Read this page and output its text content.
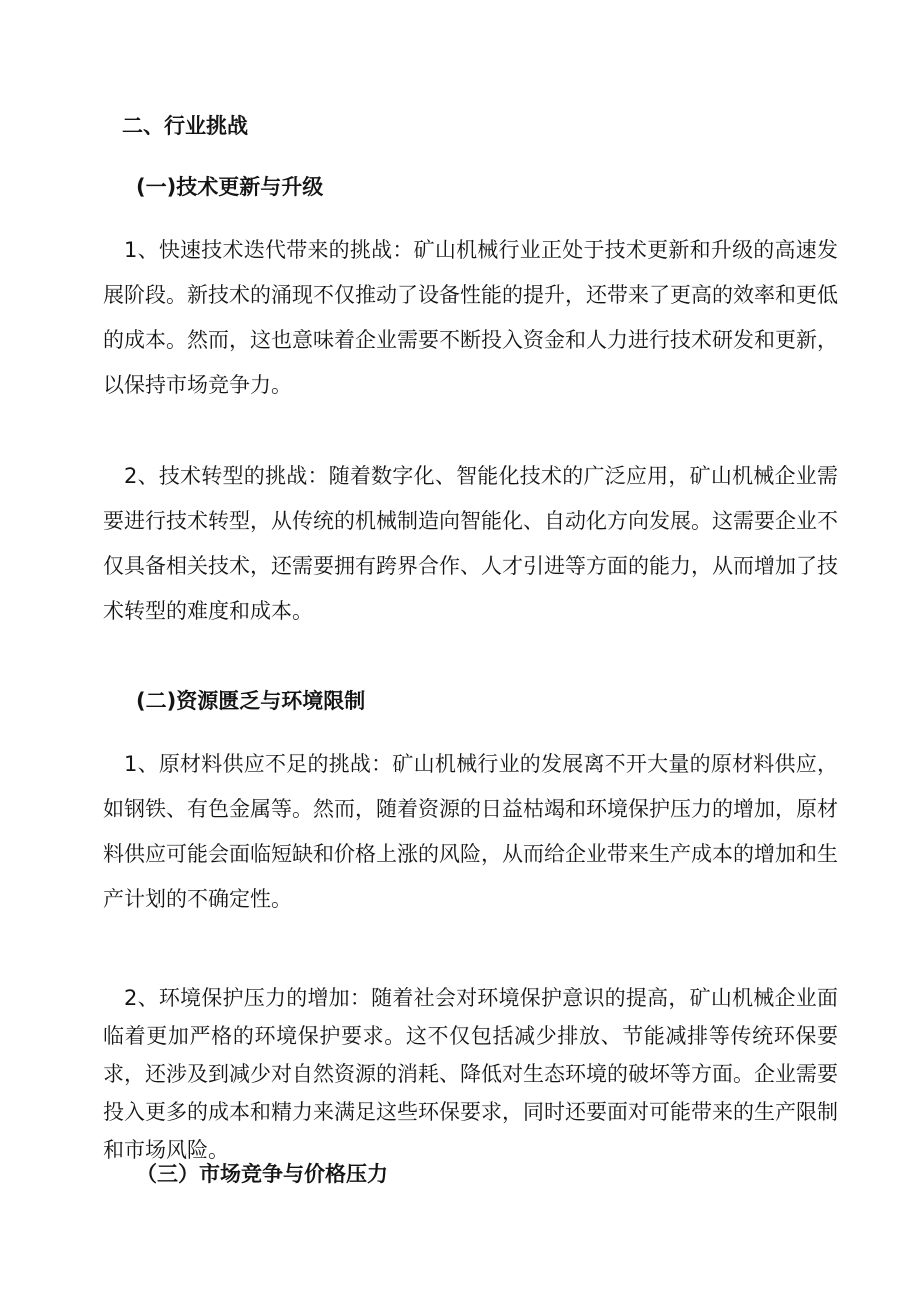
二、行业挑战
(一)技术更新与升级

1、快速技术迭代带来的挑战：矿山机械行业正处于技术更新和升级的高速发展阶段。新技术的涌现不仅推动了设备性能的提升，还带来了更高的效率和更低的成本。然而，这也意味着企业需要不断投入资金和人力进行技术研发和更新，以保持市场竞争力。

2、技术转型的挑战：随着数字化、智能化技术的广泛应用，矿山机械企业需要进行技术转型，从传统的机械制造向智能化、自动化方向发展。这需要企业不仅具备相关技术，还需要拥有跨界合作、人才引进等方面的能力，从而增加了技术转型的难度和成本。

(二)资源匮乏与环境限制

1、原材料供应不足的挑战：矿山机械行业的发展离不开大量的原材料供应，如钢铁、有色金属等。然而，随着资源的日益枯竭和环境保护压力的增加，原材料供应可能会面临短缺和价格上涨的风险，从而给企业带来生产成本的增加和生产计划的不确定性。

2、环境保护压力的增加：随着社会对环境保护意识的提高，矿山机械企业面临着更加严格的环境保护要求。这不仅包括减少排放、节能减排等传统环保要求，还涉及到减少对自然资源的消耗、降低对生态环境的破坏等方面。企业需要投入更多的成本和精力来满足这些环保要求，同时还要面对可能带来的生产限制和市场风险。

（三）市场竞争与价格压力
